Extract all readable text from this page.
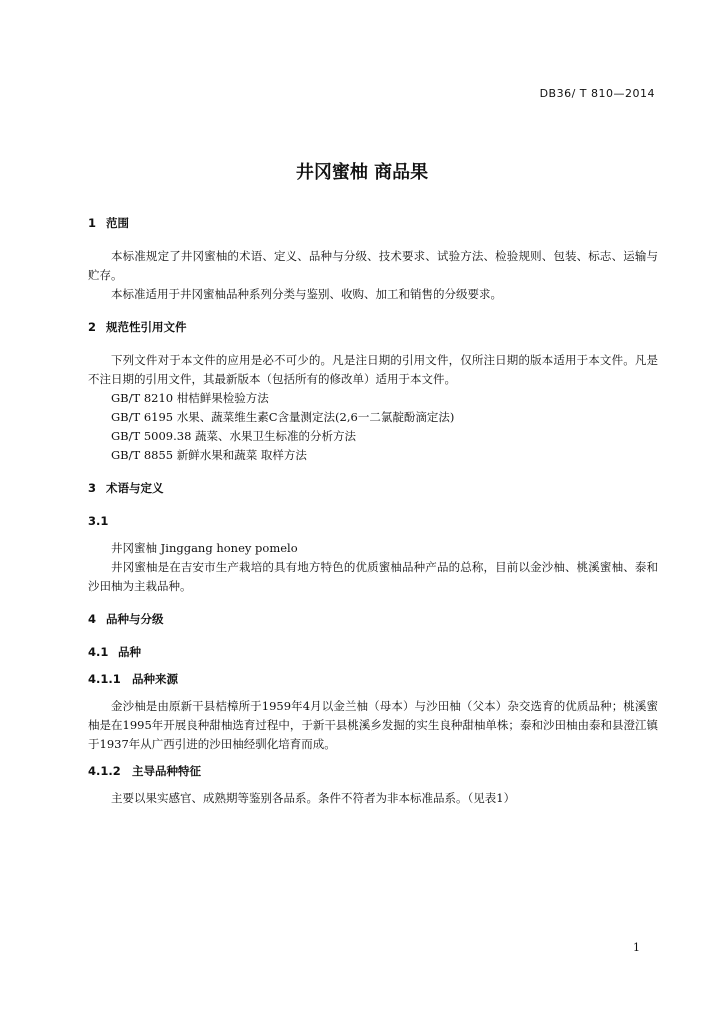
DB36/ T 810—2014
井冈蜜柚 商品果

1 范围

本标准规定了井冈蜜柚的术语、定义、品种与分级、技术要求、试验方法、检验规则、包装、标志、运输与贮存。

本标准适用于井冈蜜柚品种系列分类与鉴别、收购、加工和销售的分级要求。

2 规范性引用文件

下列文件对于本文件的应用是必不可少的。凡是注日期的引用文件，仅所注日期的版本适用于本文件。凡是不注日期的引用文件，其最新版本（包括所有的修改单）适用于本文件。

GB/T 8210 柑桔鲜果检验方法

GB/T 6195 水果、蔬菜维生素C含量测定法(2,6一二氯靛酚滴定法)

GB/T 5009.38 蔬菜、水果卫生标准的分析方法

GB/T 8855 新鲜水果和蔬菜 取样方法

3 术语与定义

3.1

井冈蜜柚 Jinggang honey pomelo

井冈蜜柚是在吉安市生产栽培的具有地方特色的优质蜜柚品种产品的总称，目前以金沙柚、桃溪蜜柚、泰和沙田柚为主栽品种。

4 品种与分级

4.1 品种

4.1.1 品种来源

金沙柚是由原新干县桔樟所于1959年4月以金兰柚（母本）与沙田柚（父本）杂交选育的优质品种；桃溪蜜柚是在1995年开展良种甜柚选育过程中，于新干县桃溪乡发掘的实生良种甜柚单株；泰和沙田柚由泰和县澄江镇于1937年从广西引进的沙田柚经驯化培育而成。

4.1.2 主导品种特征

主要以果实感官、成熟期等鉴别各品系。条件不符者为非本标准品系。（见表1）

1
